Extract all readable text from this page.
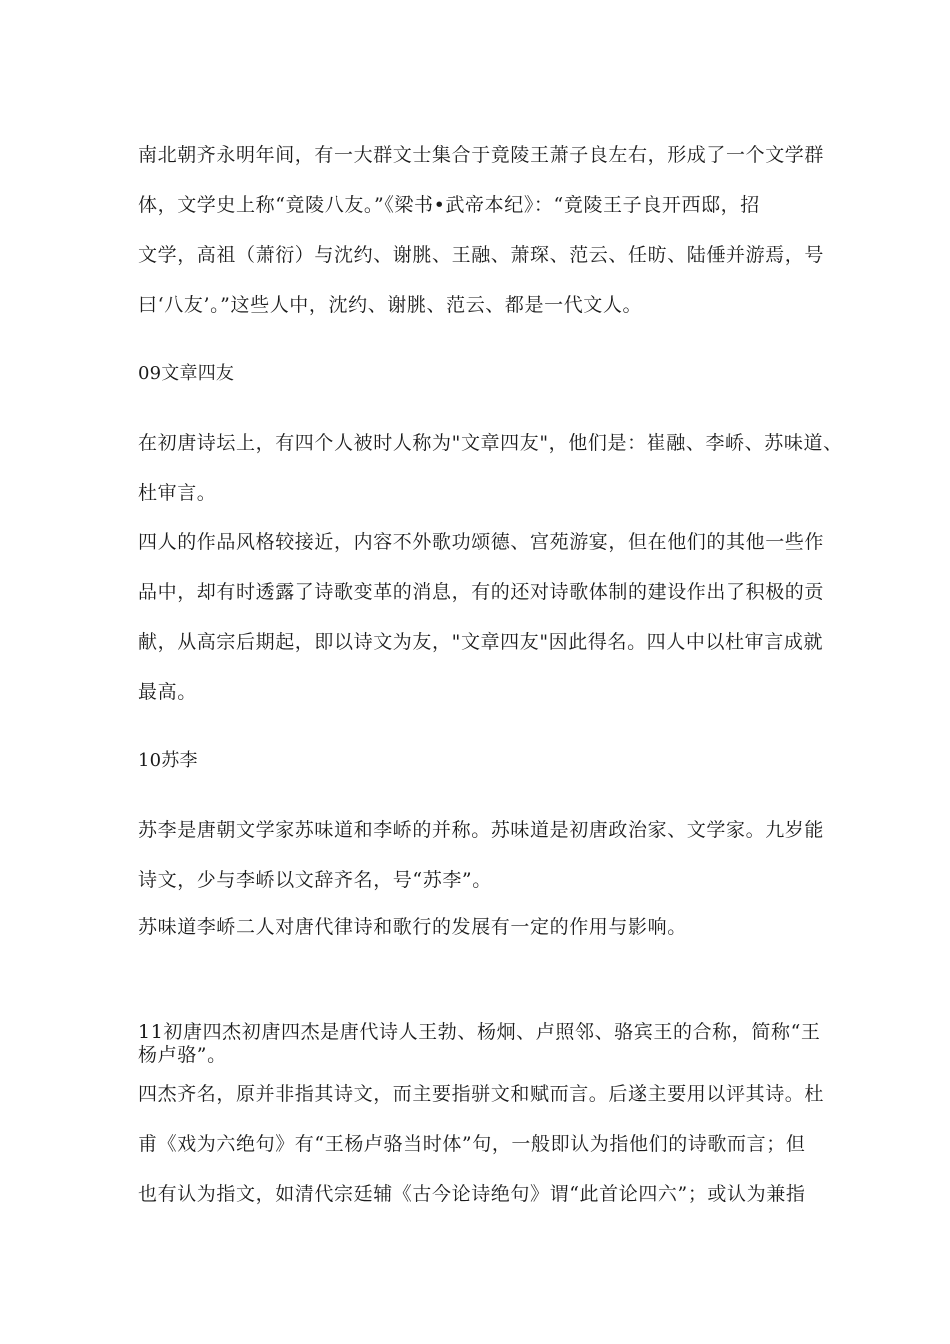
南北朝齐永明年间，有一大群文士集合于竟陵王萧子良左右，形成了一个文学群
体，文学史上称“竟陵八友。”《梁书•武帝本纪》：“竟陵王子良开西邸，招
文学，高祖（萧衍）与沈约、谢朓、王融、萧琛、范云、任昉、陆倕并游焉，号
曰‘八友’。”这些人中，沈约、谢朓、范云、都是一代文人。
09文章四友
在初唐诗坛上，有四个人被时人称为"文章四友"，他们是：崔融、李峤、苏味道、
杜审言。
四人的作品风格较接近，内容不外歌功颂德、宫苑游宴，但在他们的其他一些作
品中，却有时透露了诗歌变革的消息，有的还对诗歌体制的建设作出了积极的贡
献，从高宗后期起，即以诗文为友，"文章四友"因此得名。四人中以杜审言成就
最高。
10苏李
苏李是唐朝文学家苏味道和李峤的并称。苏味道是初唐政治家、文学家。九岁能
诗文，少与李峤以文辞齐名，号“苏李”。
苏味道李峤二人对唐代律诗和歌行的发展有一定的作用与影响。
11初唐四杰初唐四杰是唐代诗人王勃、杨炯、卢照邻、骆宾王的合称，简称“王
杨卢骆”。
四杰齐名，原并非指其诗文，而主要指骈文和赋而言。后遂主要用以评其诗。杜
甫《戏为六绝句》有“王杨卢骆当时体”句，一般即认为指他们的诗歌而言；但
也有认为指文，如清代宗廷辅《古今论诗绝句》谓“此首论四六”；或认为兼指
